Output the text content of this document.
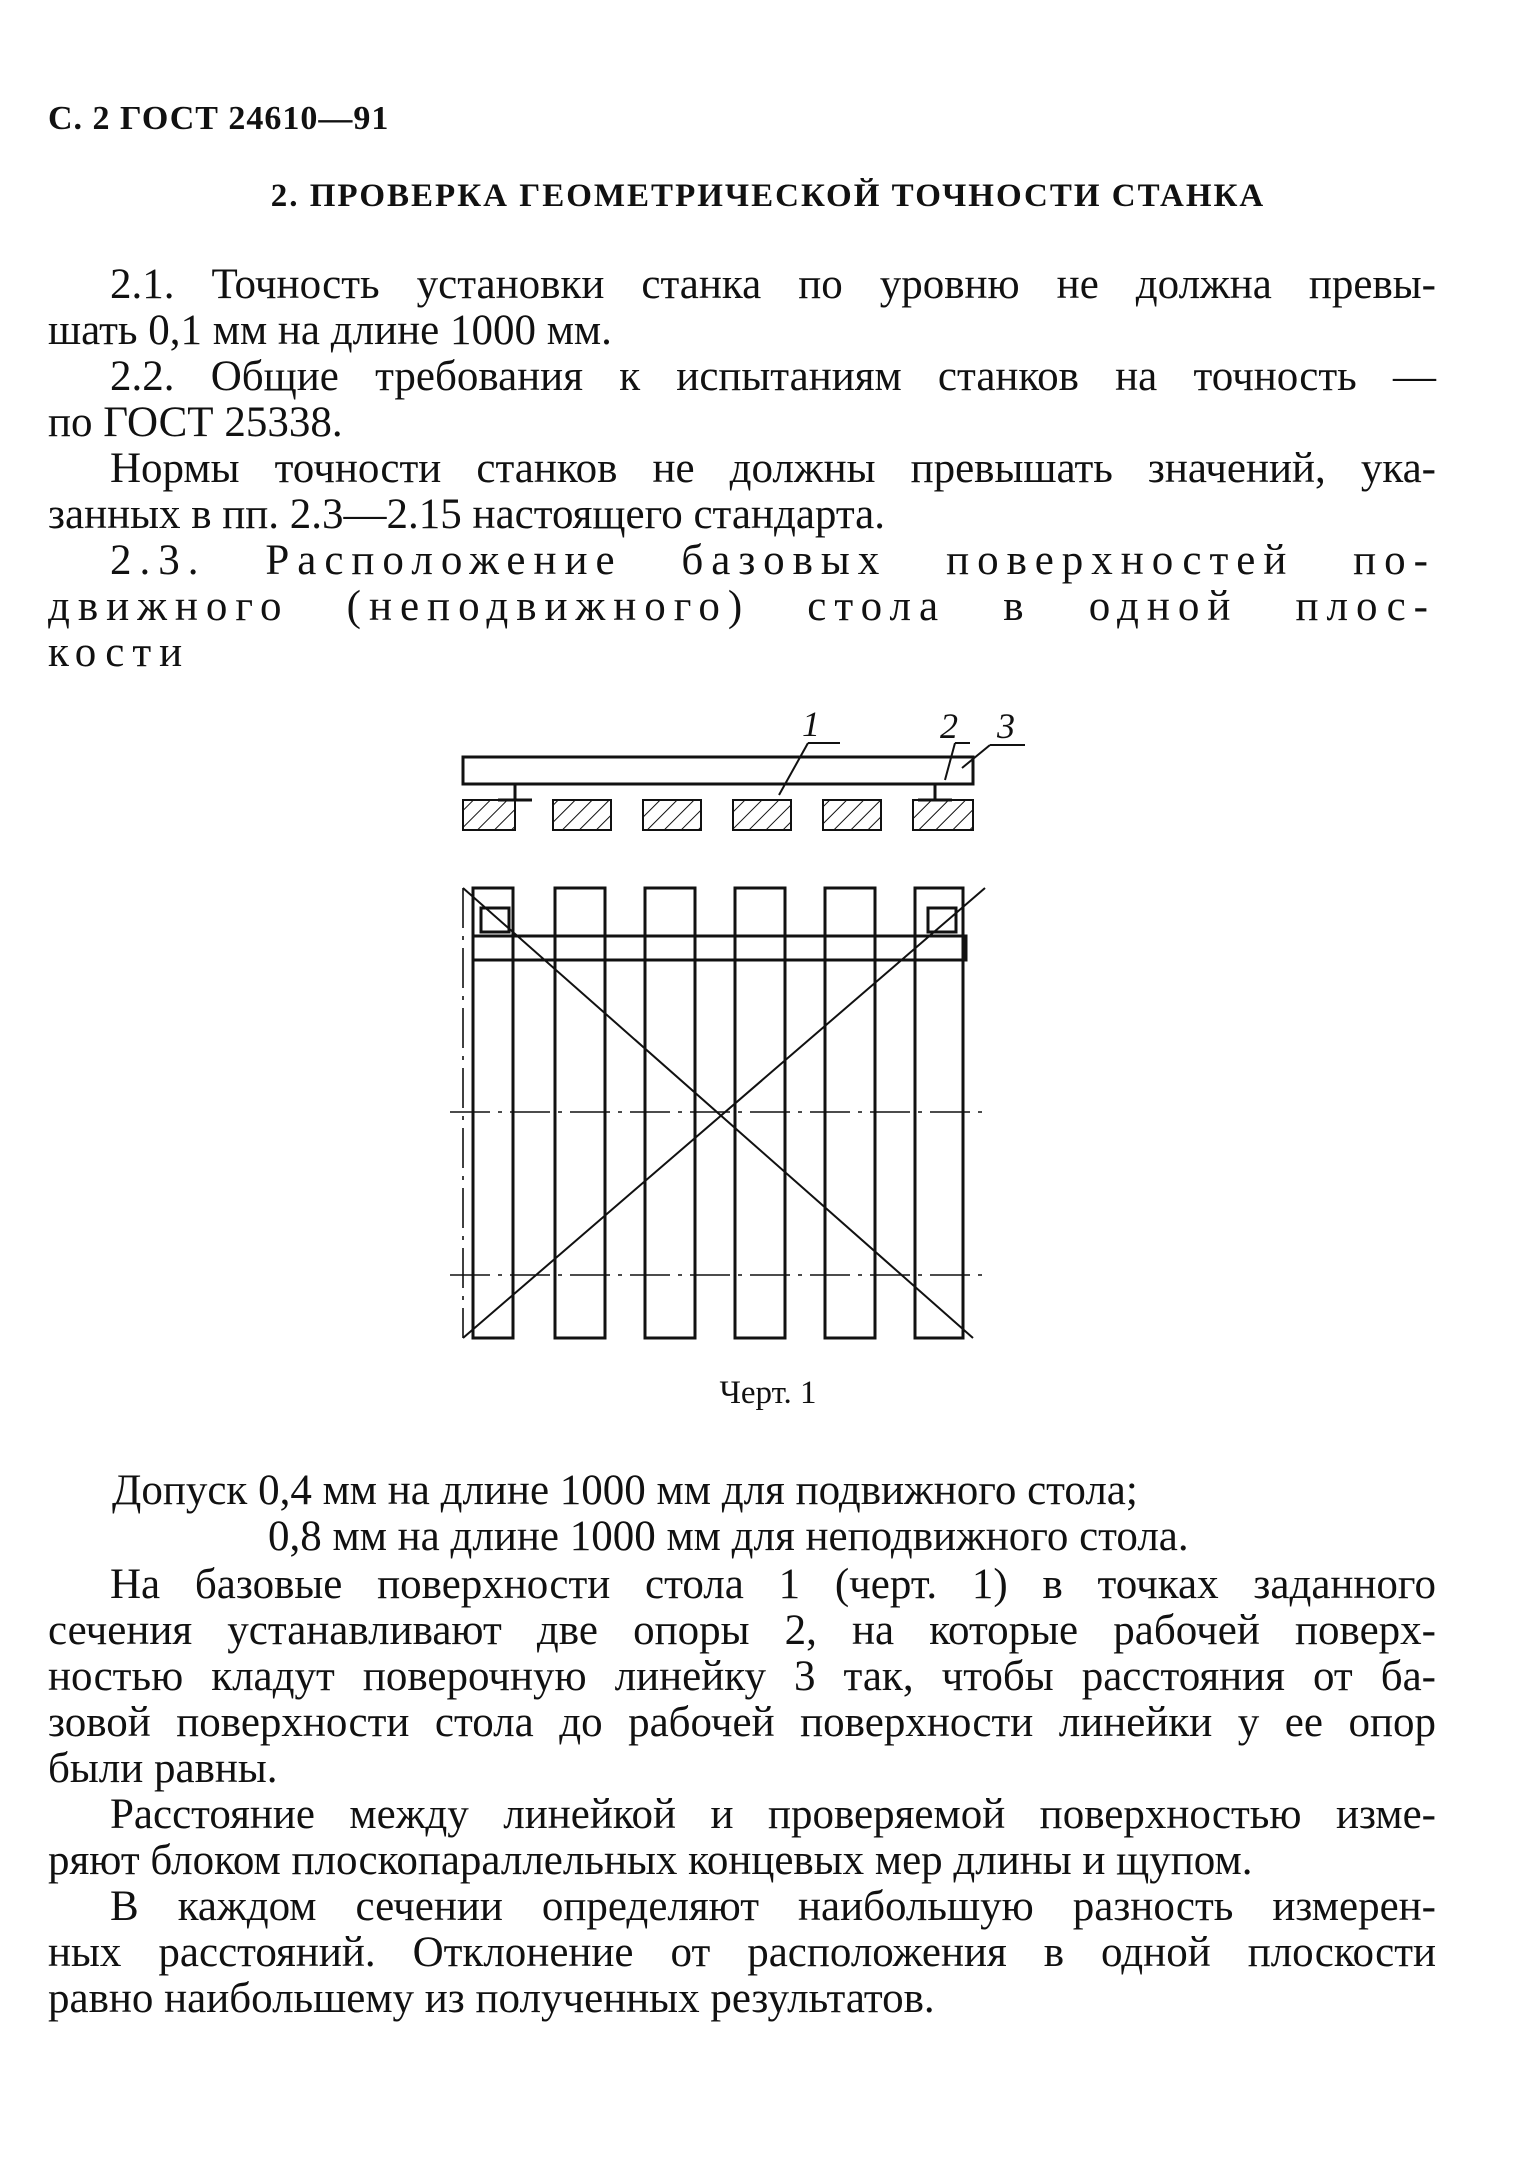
С. 2 ГОСТ 24610—91
2. ПРОВЕРКА ГЕОМЕТРИЧЕСКОЙ ТОЧНОСТИ СТАНКА
2.1. Точность установки станка по уровню не должна превы-
шать 0,1 мм на длине 1000 мм.
2.2. Общие требования к испытаниям станков на точность —
по ГОСТ 25338.
Нормы точности станков не должны превышать значений, ука-
занных в пп. 2.3—2.15 настоящего стандарта.
2.3. Расположение базовых поверхностей по-
движного (неподвижного) стола в одной плос-
кости
1	2 3
Черт. 1
Допуск 0,4 мм на длине 1000 мм для подвижного стола;
0,8 мм на длине 1000 мм для неподвижного стола.
На базовые поверхности стола 1 (черт. 1) в точках заданного
сечения устанавливают две опоры 2, на которые рабочей поверх-
ностью кладут поверочную линейку 3 так, чтобы расстояния от ба-
зовой поверхности стола до рабочей поверхности линейки у ее опор
были равны.
Расстояние между линейкой и проверяемой поверхностью изме-
ряют блоком плоскопараллельных концевых мер длины и щупом.
В каждом сечении определяют наибольшую разность измерен-
ных расстояний. Отклонение от расположения в одной плоскости
равно наибольшему из полученных результатов.
